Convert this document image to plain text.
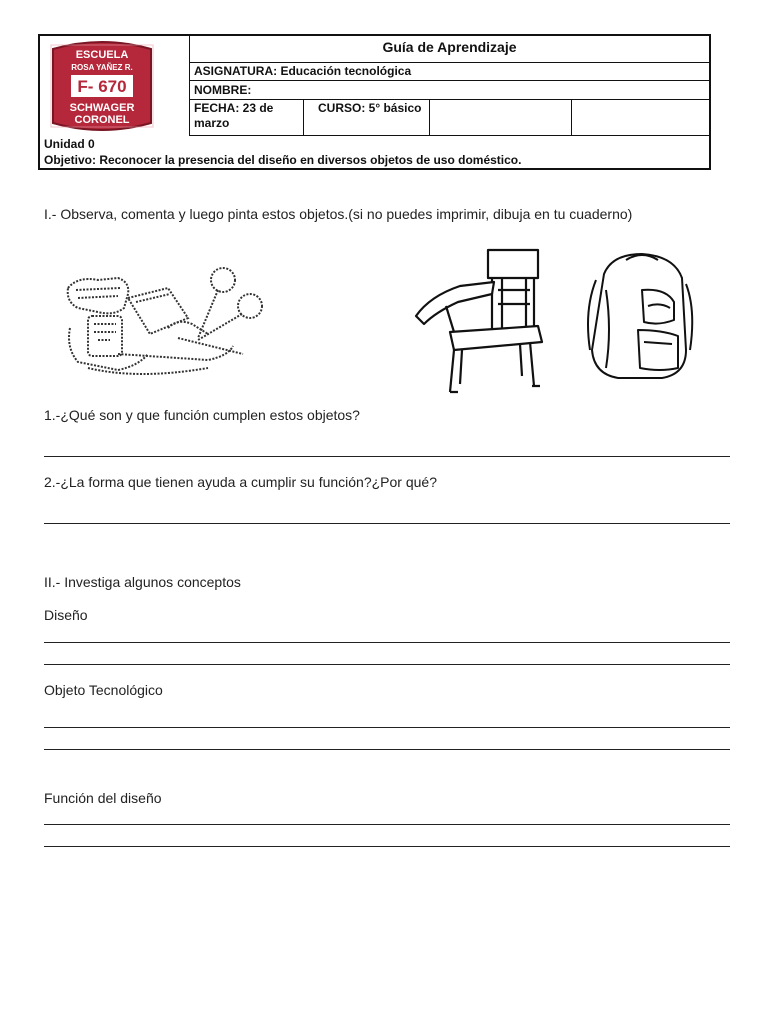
ESCUELA
ROSA YAÑEZ R.
F- 670
SCHWAGER
CORONEL
Guía de Aprendizaje
ASIGNATURA: Educación tecnológica
NOMBRE:
FECHA: 23 de marzo
CURSO: 5° básico
Unidad 0
Objetivo: Reconocer la presencia del diseño en diversos objetos de uso doméstico.
I.- Observa, comenta y luego pinta estos objetos.(si no puedes imprimir, dibuja en tu cuaderno)
1.-¿Qué son y que función cumplen estos objetos?
2.-¿La forma que tienen ayuda a cumplir su función?¿Por qué?
II.- Investiga algunos conceptos
Diseño
Objeto Tecnológico
Función del diseño
